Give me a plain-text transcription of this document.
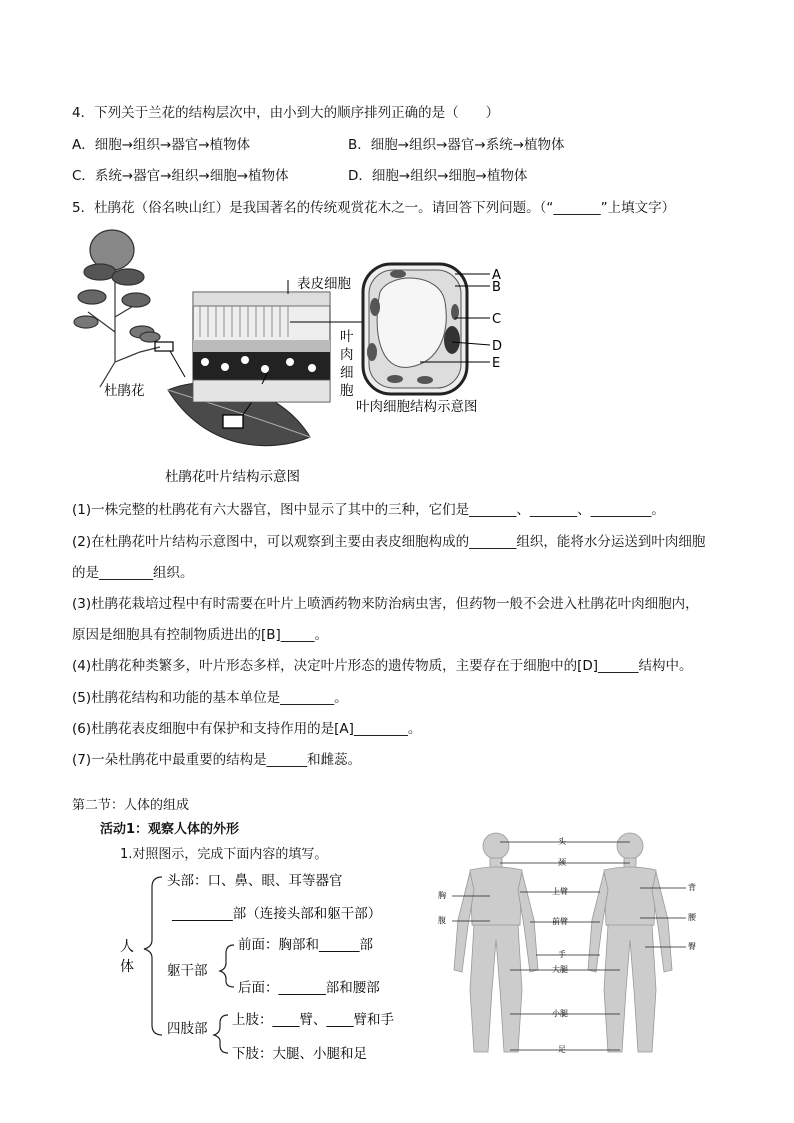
4．下列关于兰花的结构层次中，由小到大的顺序排列正确的是（　　）
A．细胞→组织→器官→植物体	B．细胞→组织→器官→系统→植物体
C．系统→器官→组织→细胞→植物体	D．细胞→组织→细胞→植物体
5．杜鹃花（俗名映山红）是我国著名的传统观赏花木之一。请回答下列问题。（“_______”上填文字）
杜鹃花
杜鹃花叶片结构示意图
表皮细胞
叶
肉
细
胞
A
B
C
D
E
叶肉细胞结构示意图
(1)一株完整的杜鹃花有六大器官，图中显示了其中的三种，它们是_______、_______、_________。
(2)在杜鹃花叶片结构示意图中，可以观察到主要由表皮细胞构成的_______组织，能将水分运送到叶肉细胞
的是________组织。
(3)杜鹃花栽培过程中有时需要在叶片上喷洒药物来防治病虫害，但药物一般不会进入杜鹃花叶肉细胞内，
原因是细胞具有控制物质进出的[B]_____。
(4)杜鹃花种类繁多，叶片形态多样，决定叶片形态的遗传物质，主要存在于细胞中的[D]______结构中。
(5)杜鹃花结构和功能的基本单位是________。
(6)杜鹃花表皮细胞中有保护和支持作用的是[A]________。
(7)一朵杜鹃花中最重要的结构是______和雌蕊。
第二节：人体的组成
活动1：观察人体的外形
1.对照图示，完成下面内容的填写。
人
体
头部：口、鼻、眼、耳等器官
_________部（连接头部和躯干部）
躯干部
前面：胸部和______部
后面：_______部和腰部
四肢部
上肢：____臂、____臂和手
下肢：大腿、小腿和足
头
颈
上臂
前臂
手
大腿
小腿
足
胸
腹
背
腰
臀
